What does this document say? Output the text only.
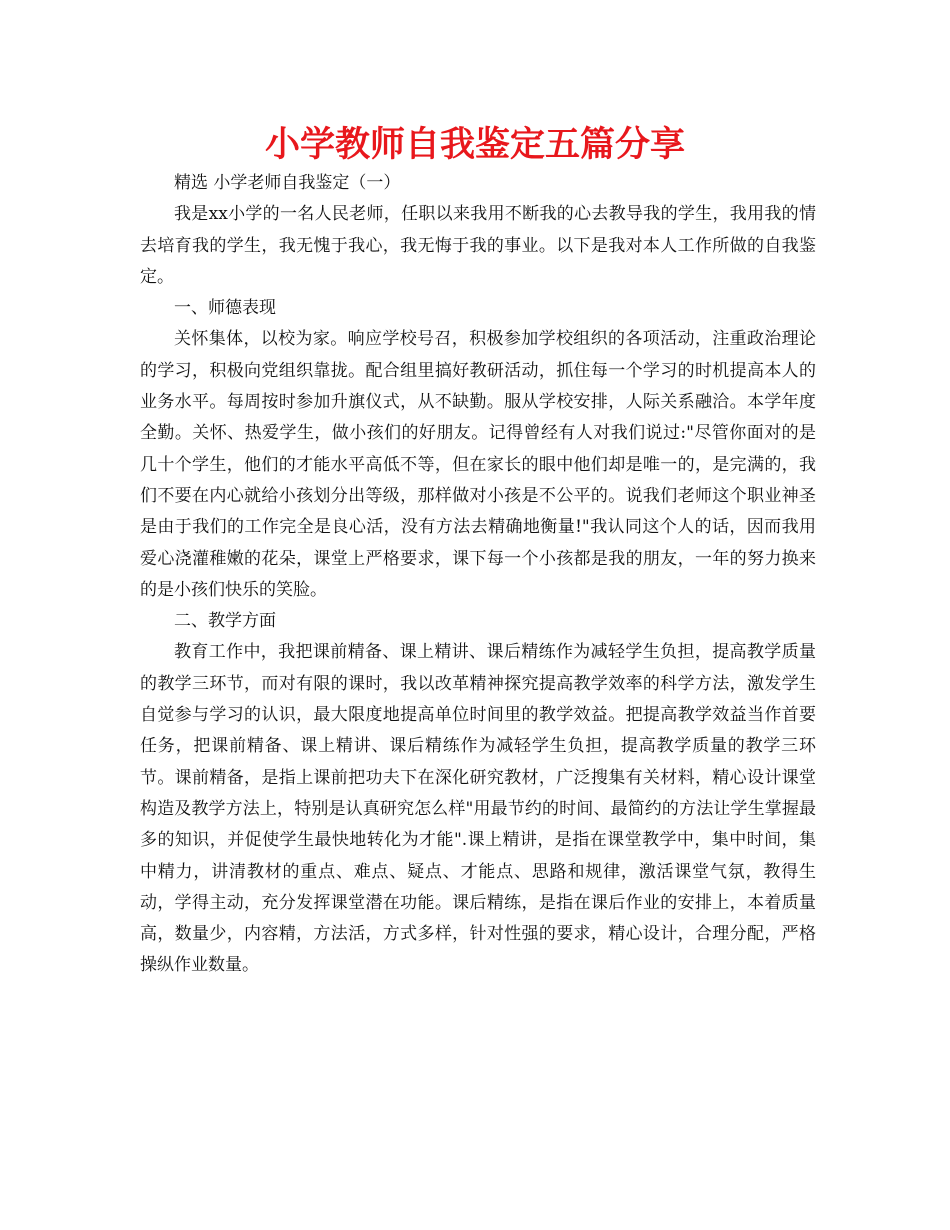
小学教师自我鉴定五篇分享

精选 小学老师自我鉴定（一）

我是xx小学的一名人民老师，任职以来我用不断我的心去教导我的学生，我用我的情去培育我的学生，我无愧于我心，我无悔于我的事业。以下是我对本人工作所做的自我鉴定。

一、师德表现

关怀集体，以校为家。响应学校号召，积极参加学校组织的各项活动，注重政治理论的学习，积极向党组织靠拢。配合组里搞好教研活动，抓住每一个学习的时机提高本人的业务水平。每周按时参加升旗仪式，从不缺勤。服从学校安排，人际关系融洽。本学年度全勤。关怀、热爱学生，做小孩们的好朋友。记得曾经有人对我们说过:"尽管你面对的是几十个学生，他们的才能水平高低不等，但在家长的眼中他们却是唯一的，是完满的，我们不要在内心就给小孩划分出等级，那样做对小孩是不公平的。说我们老师这个职业神圣是由于我们的工作完全是良心活，没有方法去精确地衡量!"我认同这个人的话，因而我用爱心浇灌稚嫩的花朵，课堂上严格要求，课下每一个小孩都是我的朋友，一年的努力换来的是小孩们快乐的笑脸。

二、教学方面

教育工作中，我把课前精备、课上精讲、课后精练作为减轻学生负担，提高教学质量的教学三环节，而对有限的课时，我以改革精神探究提高教学效率的科学方法，激发学生自觉参与学习的认识，最大限度地提高单位时间里的教学效益。把提高教学效益当作首要任务，把课前精备、课上精讲、课后精练作为减轻学生负担，提高教学质量的教学三环节。课前精备，是指上课前把功夫下在深化研究教材，广泛搜集有关材料，精心设计课堂构造及教学方法上，特别是认真研究怎么样"用最节约的时间、最简约的方法让学生掌握最多的知识，并促使学生最快地转化为才能".课上精讲，是指在课堂教学中，集中时间，集中精力，讲清教材的重点、难点、疑点、才能点、思路和规律，激活课堂气氛，教得生动，学得主动，充分发挥课堂潜在功能。课后精练，是指在课后作业的安排上，本着质量高，数量少，内容精，方法活，方式多样，针对性强的要求，精心设计，合理分配，严格操纵作业数量。
